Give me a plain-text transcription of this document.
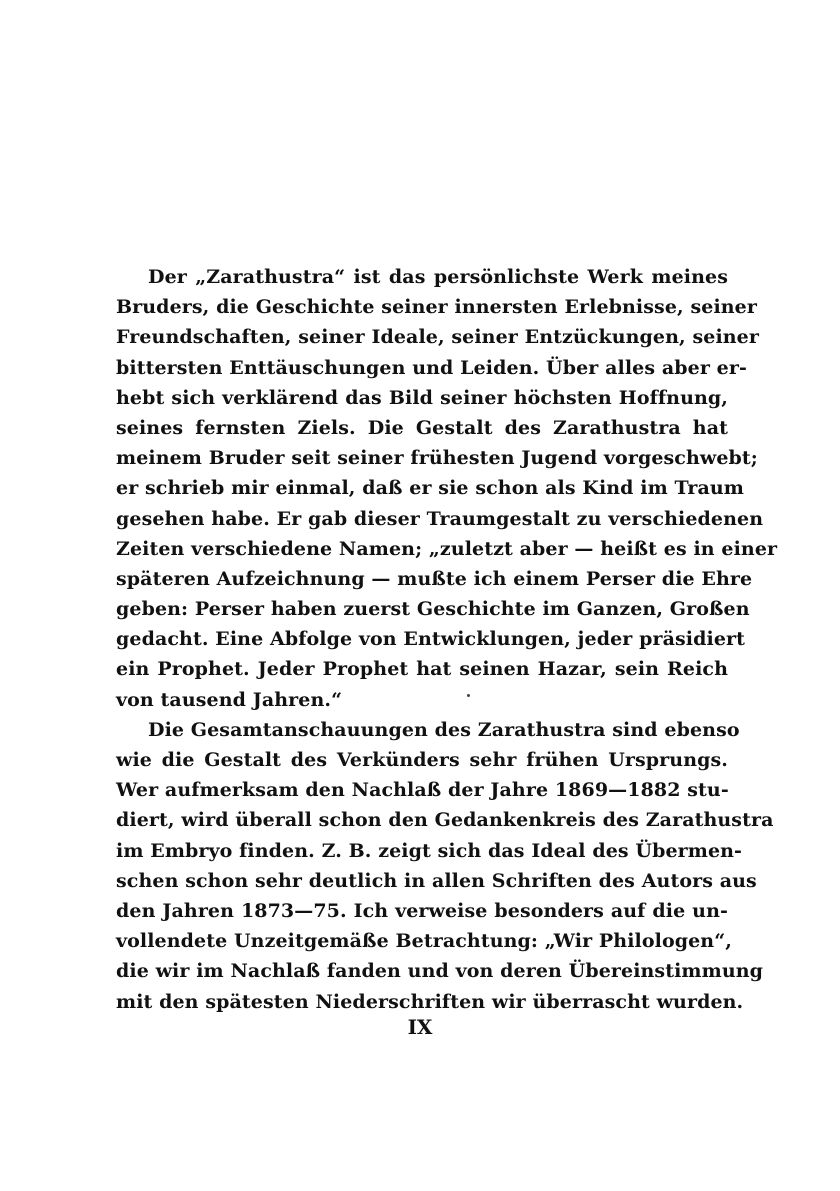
Der „Zarathustra“ ist das persönlichste Werk meines
Bruders, die Geschichte seiner innersten Erlebnisse, seiner
Freundschaften, seiner Ideale, seiner Entzückungen, seiner
bittersten Enttäuschungen und Leiden. Über alles aber er-
hebt sich verklärend das Bild seiner höchsten Hoffnung,
seines fernsten Ziels. Die Gestalt des Zarathustra hat
meinem Bruder seit seiner frühesten Jugend vorgeschwebt;
er schrieb mir einmal, daß er sie schon als Kind im Traum
gesehen habe. Er gab dieser Traumgestalt zu verschiedenen
Zeiten verschiedene Namen; „zuletzt aber — heißt es in einer
späteren Aufzeichnung — mußte ich einem Perser die Ehre
geben: Perser haben zuerst Geschichte im Ganzen, Großen
gedacht. Eine Abfolge von Entwicklungen, jeder präsidiert
ein Prophet. Jeder Prophet hat seinen Hazar, sein Reich
von tausend Jahren.“
Die Gesamtanschauungen des Zarathustra sind ebenso
wie die Gestalt des Verkünders sehr frühen Ursprungs.
Wer aufmerksam den Nachlaß der Jahre 1869—1882 stu-
diert, wird überall schon den Gedankenkreis des Zarathustra
im Embryo finden. Z. B. zeigt sich das Ideal des Übermen-
schen schon sehr deutlich in allen Schriften des Autors aus
den Jahren 1873—75. Ich verweise besonders auf die un-
vollendete Unzeitgemäße Betrachtung: „Wir Philologen“,
die wir im Nachlaß fanden und von deren Übereinstimmung
mit den spätesten Niederschriften wir überrascht wurden.
IX
